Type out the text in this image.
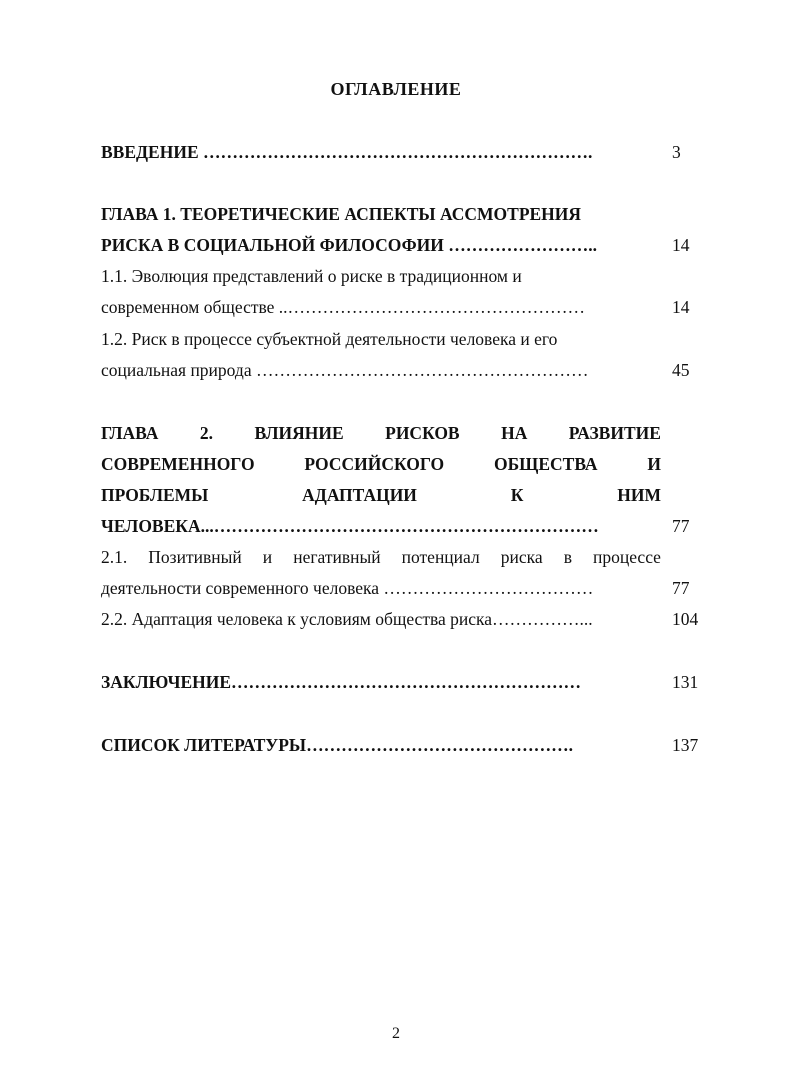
ОГЛАВЛЕНИЕ
ВВЕДЕНИЕ ………………………………………………………….	3
ГЛАВА 1. ТЕОРЕТИЧЕСКИЕ АСПЕКТЫ АССМОТРЕНИЯ
РИСКА В СОЦИАЛЬНОЙ ФИЛОСОФИИ ……………………..	14
1.1. Эволюция представлений о риске в традиционном и
современном обществе ..……………………………………………	14
1.2. Риск в процессе субъектной деятельности человека и его
социальная природа …………………………………………………	45
ГЛАВА 2. ВЛИЯНИЕ РИСКОВ НА РАЗВИТИЕ
СОВРЕМЕННОГО	РОССИЙСКОГО	ОБЩЕСТВА	И
ПРОБЛЕМЫ	АДАПТАЦИИ	К	НИМ
ЧЕЛОВЕКА...…………………………………………………………	77
2.1. Позитивный и негативный потенциал риска в процессе
деятельности современного человека ………………………………	77
2.2. Адаптация человека к условиям общества риска……………...	104
ЗАКЛЮЧЕНИЕ……………………………………………………	131
СПИСОК ЛИТЕРАТУРЫ……………………………………….	137
2
